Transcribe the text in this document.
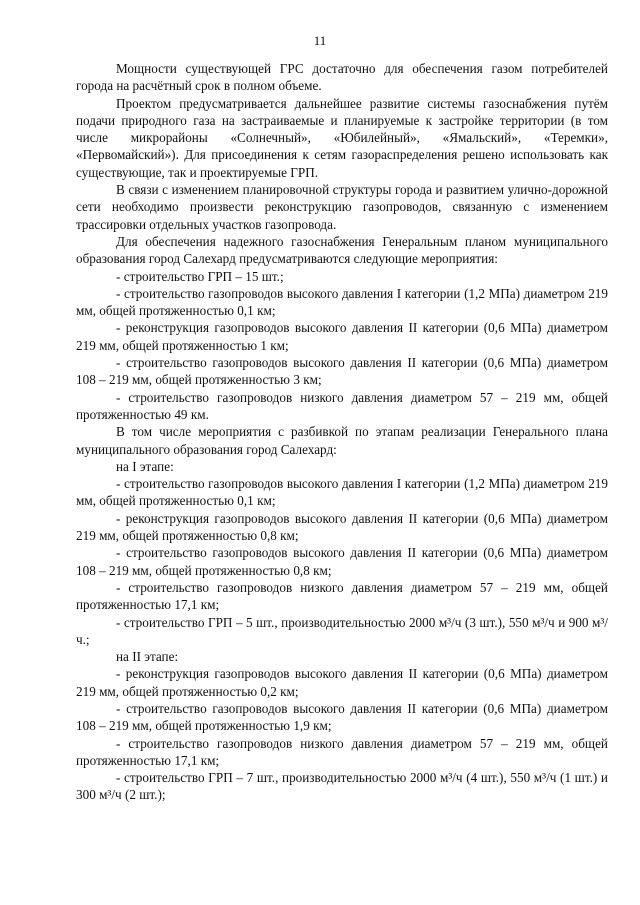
11

Мощности существующей ГРС достаточно для обеспечения газом потребителей города на расчётный срок в полном объеме.

Проектом предусматривается дальнейшее развитие системы газоснабжения путём подачи природного газа на застраиваемые и планируемые к застройке территории (в том числе микрорайоны «Солнечный», «Юбилейный», «Ямальский», «Теремки», «Первомайский»). Для присоединения к сетям газораспределения решено использовать как существующие, так и проектируемые ГРП.

В связи с изменением планировочной структуры города и развитием улично-дорожной сети необходимо произвести реконструкцию газопроводов, связанную с изменением трассировки отдельных участков газопровода.

Для обеспечения надежного газоснабжения Генеральным планом муниципального образования город Салехард предусматриваются следующие мероприятия:

- строительство ГРП – 15 шт.;

- строительство газопроводов высокого давления I категории (1,2 МПа) диаметром 219 мм, общей протяженностью 0,1 км;

- реконструкция газопроводов высокого давления II категории (0,6 МПа) диаметром 219 мм, общей протяженностью 1 км;

- строительство газопроводов высокого давления II категории (0,6 МПа) диаметром 108 – 219 мм, общей протяженностью 3 км;

- строительство газопроводов низкого давления диаметром 57 – 219 мм, общей протяженностью 49 км.

В том числе мероприятия с разбивкой по этапам реализации Генерального плана муниципального образования город Салехард:

на I этапе:

- строительство газопроводов высокого давления I категории (1,2 МПа) диаметром 219 мм, общей протяженностью 0,1 км;

- реконструкция газопроводов высокого давления II категории (0,6 МПа) диаметром 219 мм, общей протяженностью 0,8 км;

- строительство газопроводов высокого давления II категории (0,6 МПа) диаметром 108 – 219 мм, общей протяженностью 0,8 км;

- строительство газопроводов низкого давления диаметром 57 – 219 мм, общей протяженностью 17,1 км;

- строительство ГРП – 5 шт., производительностью 2000 м³/ч (3 шт.), 550 м³/ч и 900 м³/ч.;

на II этапе:

- реконструкция газопроводов высокого давления II категории (0,6 МПа) диаметром 219 мм, общей протяженностью 0,2 км;

- строительство газопроводов высокого давления II категории (0,6 МПа) диаметром 108 – 219 мм, общей протяженностью 1,9 км;

- строительство газопроводов низкого давления диаметром 57 – 219 мм, общей протяженностью 17,1 км;

- строительство ГРП – 7 шт., производительностью 2000 м³/ч (4 шт.), 550 м³/ч (1 шт.) и 300 м³/ч (2 шт.);
